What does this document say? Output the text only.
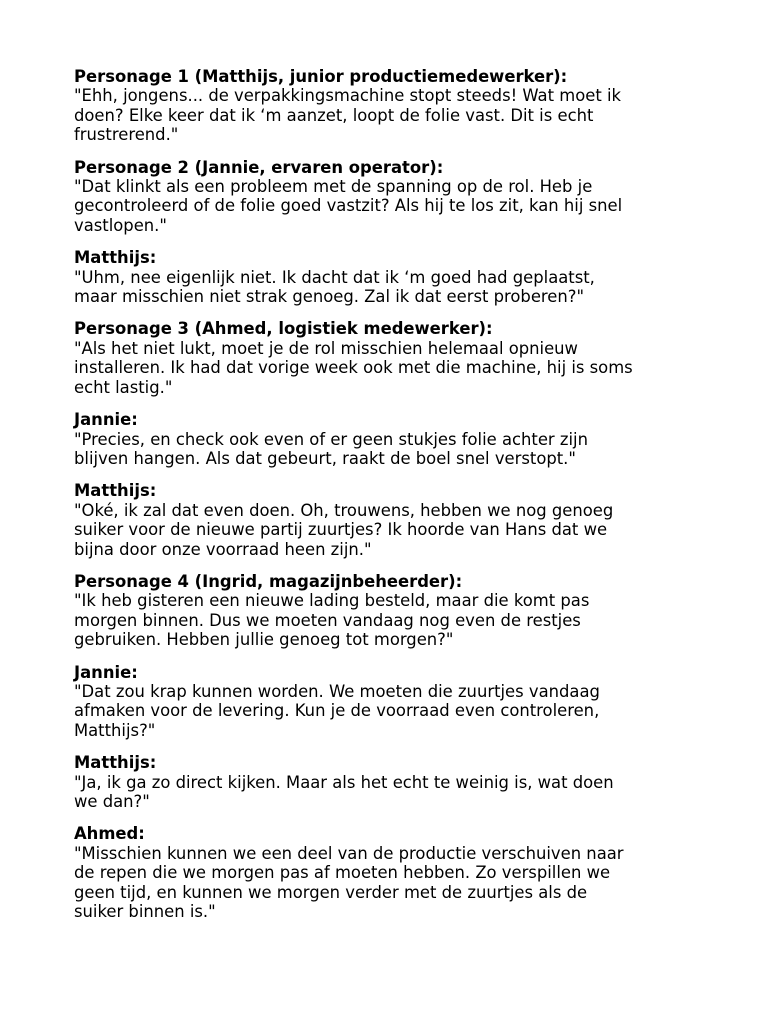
Personage 1 (Matthijs, junior productiemedewerker):
"Ehh, jongens... de verpakkingsmachine stopt steeds! Wat moet ik
doen? Elke keer dat ik ‘m aanzet, loopt de folie vast. Dit is echt
frustrerend."
Personage 2 (Jannie, ervaren operator):
"Dat klinkt als een probleem met de spanning op de rol. Heb je
gecontroleerd of de folie goed vastzit? Als hij te los zit, kan hij snel
vastlopen."
Matthijs:
"Uhm, nee eigenlijk niet. Ik dacht dat ik ‘m goed had geplaatst,
maar misschien niet strak genoeg. Zal ik dat eerst proberen?"
Personage 3 (Ahmed, logistiek medewerker):
"Als het niet lukt, moet je de rol misschien helemaal opnieuw
installeren. Ik had dat vorige week ook met die machine, hij is soms
echt lastig."
Jannie:
"Precies, en check ook even of er geen stukjes folie achter zijn
blijven hangen. Als dat gebeurt, raakt de boel snel verstopt."
Matthijs:
"Oké, ik zal dat even doen. Oh, trouwens, hebben we nog genoeg
suiker voor de nieuwe partij zuurtjes? Ik hoorde van Hans dat we
bijna door onze voorraad heen zijn."
Personage 4 (Ingrid, magazijnbeheerder):
"Ik heb gisteren een nieuwe lading besteld, maar die komt pas
morgen binnen. Dus we moeten vandaag nog even de restjes
gebruiken. Hebben jullie genoeg tot morgen?"
Jannie:
"Dat zou krap kunnen worden. We moeten die zuurtjes vandaag
afmaken voor de levering. Kun je de voorraad even controleren,
Matthijs?"
Matthijs:
"Ja, ik ga zo direct kijken. Maar als het echt te weinig is, wat doen
we dan?"
Ahmed:
"Misschien kunnen we een deel van de productie verschuiven naar
de repen die we morgen pas af moeten hebben. Zo verspillen we
geen tijd, en kunnen we morgen verder met de zuurtjes als de
suiker binnen is."
